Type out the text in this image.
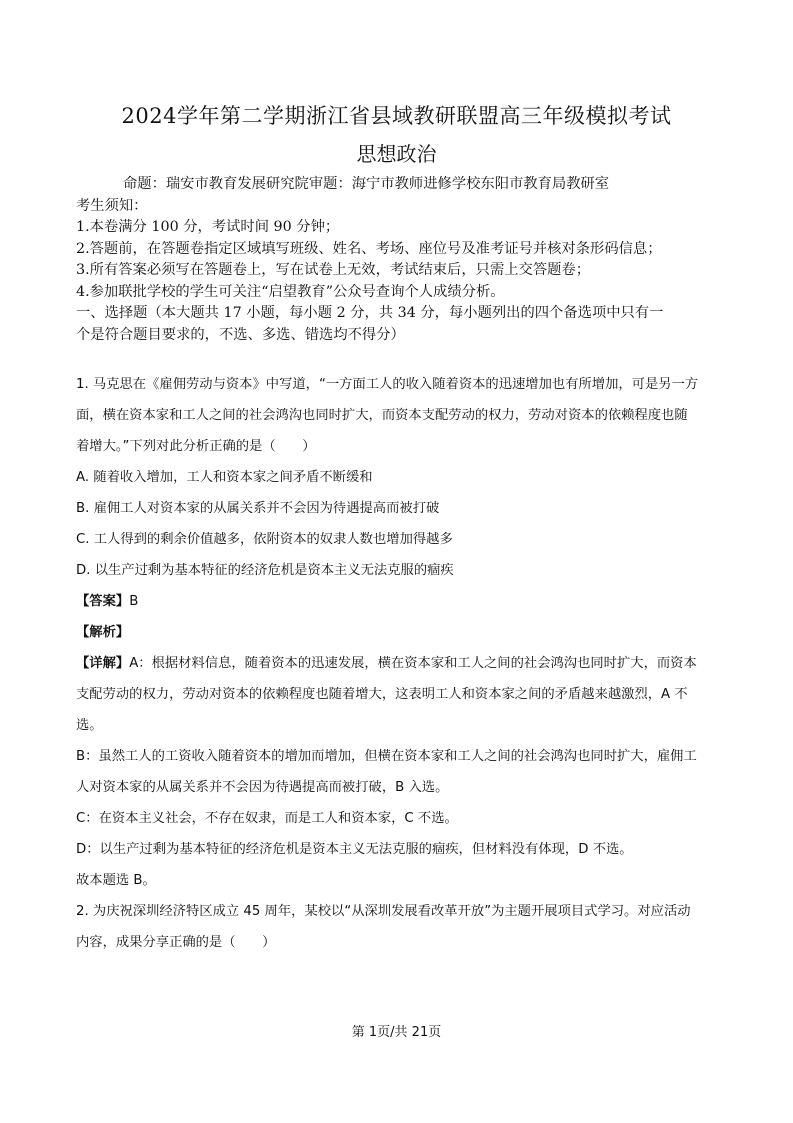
2024学年第二学期浙江省县域教研联盟高三年级模拟考试
思想政治
命题：瑞安市教育发展研究院审题：海宁市教师进修学校东阳市教育局教研室
考生须知：
1.本卷满分 100 分，考试时间 90 分钟；
2.答题前，在答题卷指定区域填写班级、姓名、考场、座位号及准考证号并核对条形码信息；
3.所有答案必须写在答题卷上，写在试卷上无效，考试结束后，只需上交答题卷；
4.参加联批学校的学生可关注“启望教育”公众号查询个人成绩分析。
一、选择题（本大题共 17 小题，每小题 2 分，共 34 分，每小题列出的四个备选项中只有一
个是符合题目要求的，不选、多选、错选均不得分）
1. 马克思在《雇佣劳动与资本》中写道，“一方面工人的收入随着资本的迅速增加也有所增加，可是另一方
面，横在资本家和工人之间的社会鸿沟也同时扩大，而资本支配劳动的权力，劳动对资本的依赖程度也随
着增大。”下列对此分析正确的是（　　）
A. 随着收入增加，工人和资本家之间矛盾不断缓和
B. 雇佣工人对资本家的从属关系并不会因为待遇提高而被打破
C. 工人得到的剩余价值越多，依附资本的奴隶人数也增加得越多
D. 以生产过剩为基本特征的经济危机是资本主义无法克服的痼疾
【答案】B
【解析】
【详解】A：根据材料信息，随着资本的迅速发展，横在资本家和工人之间的社会鸿沟也同时扩大，而资本
支配劳动的权力，劳动对资本的依赖程度也随着增大，这表明工人和资本家之间的矛盾越来越激烈，A 不
选。
B：虽然工人的工资收入随着资本的增加而增加，但横在资本家和工人之间的社会鸿沟也同时扩大，雇佣工
人对资本家的从属关系并不会因为待遇提高而被打破，B 入选。
C：在资本主义社会，不存在奴隶，而是工人和资本家，C 不选。
D：以生产过剩为基本特征的经济危机是资本主义无法克服的痼疾，但材料没有体现，D 不选。
故本题选 B。
2. 为庆祝深圳经济特区成立 45 周年，某校以“从深圳发展看改革开放”为主题开展项目式学习。对应活动
内容，成果分享正确的是（　　）
第 1页/共 21页
